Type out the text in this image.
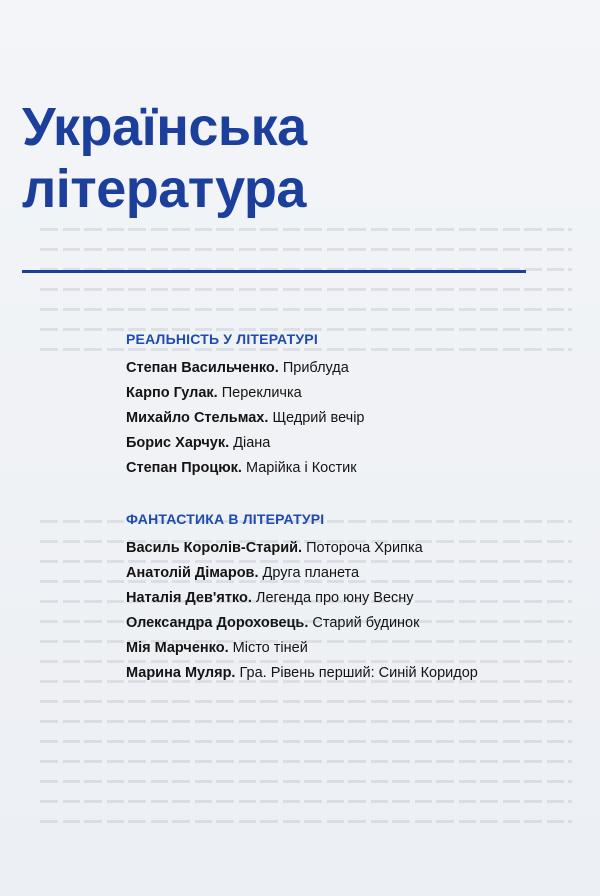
Українська
література
РЕАЛЬНІСТЬ У ЛІТЕРАТУРІ
Степан Васильченко. Приблуда
Карпо Гулак. Перекличка
Михайло Стельмах. Щедрий вечір
Борис Харчук. Діана
Степан Процюк. Марійка і Костик
ФАНТАСТИКА В ЛІТЕРАТУРІ
Василь Королів-Старий. Потороча Хрипка
Анатолій Дімаров. Друга планета
Наталія Дев'ятко. Легенда про юну Весну
Олександра Дороховець. Старий будинок
Мія Марченко. Місто тіней
Марина Муляр. Гра. Рівень перший: Синій Коридор
